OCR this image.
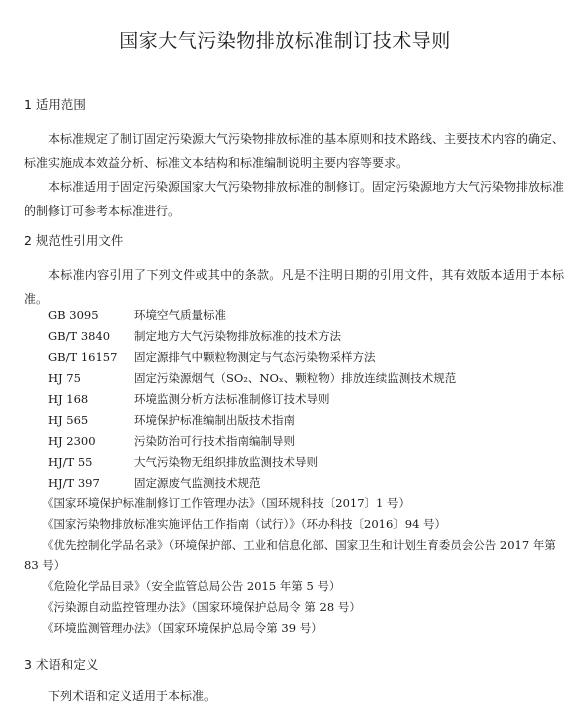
国家大气污染物排放标准制订技术导则
1 适用范围
本标准规定了制订固定污染源大气污染物排放标准的基本原则和技术路线、主要技术内容的确定、标准实施成本效益分析、标准文本结构和标准编制说明主要内容等要求。
本标准适用于固定污染源国家大气污染物排放标准的制修订。固定污染源地方大气污染物排放标准的制修订可参考本标准进行。
2 规范性引用文件
本标准内容引用了下列文件或其中的条款。凡是不注明日期的引用文件，其有效版本适用于本标准。
GB 3095	环境空气质量标准
GB/T 3840 制定地方大气污染物排放标准的技术方法
GB/T 16157 固定源排气中颗粒物测定与气态污染物采样方法
HJ 75	固定污染源烟气（SO₂、NOₓ、颗粒物）排放连续监测技术规范
HJ 168	环境监测分析方法标准制修订技术导则
HJ 565	环境保护标准编制出版技术指南
HJ 2300	污染防治可行技术指南编制导则
HJ/T 55	大气污染物无组织排放监测技术导则
HJ/T 397	固定源废气监测技术规范
《国家环境保护标准制修订工作管理办法》（国环规科技〔2017〕1 号）
《国家污染物排放标准实施评估工作指南（试行）》（环办科技〔2016〕94 号）
《优先控制化学品名录》（环境保护部、工业和信息化部、国家卫生和计划生育委员会公告 2017 年第 83 号）
《危险化学品目录》（安全监管总局公告 2015 年第 5 号）
《污染源自动监控管理办法》（国家环境保护总局令 第 28 号）
《环境监测管理办法》（国家环境保护总局令第 39 号）
3 术语和定义
下列术语和定义适用于本标准。
